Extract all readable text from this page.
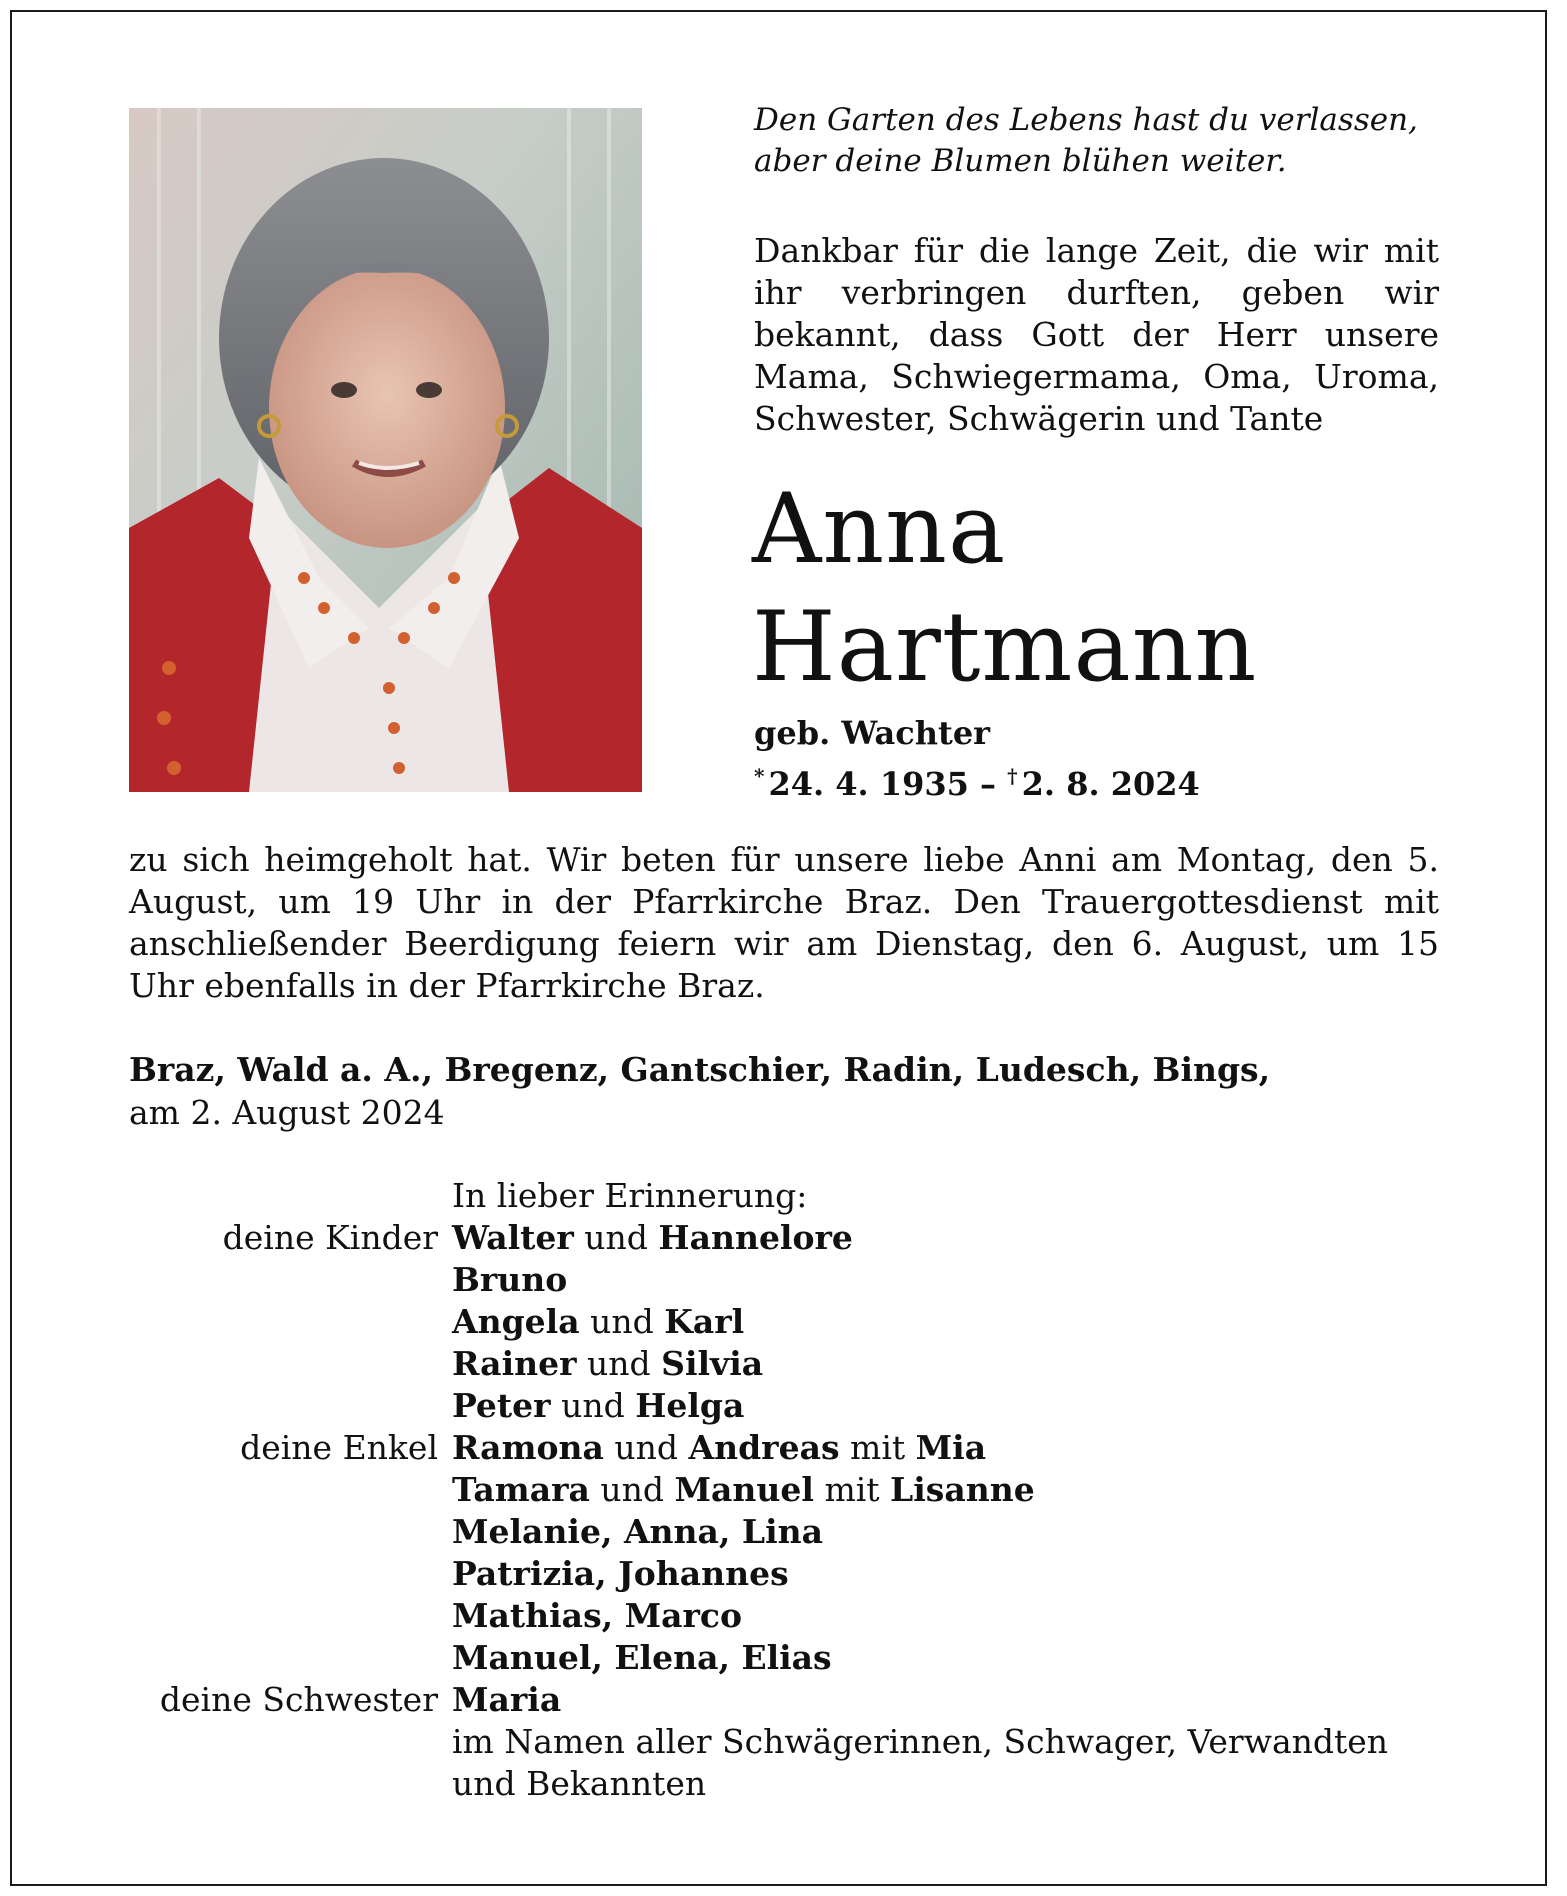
Den Garten des Lebens hast du verlassen,
aber deine Blumen blühen weiter.
Dankbar für die lange Zeit, die wir mit ihr verbringen durften, geben wir bekannt, dass Gott der Herr unsere Mama, Schwiegermama, Oma, Uroma, Schwester, Schwägerin und Tante
Anna
Hartmann
geb. Wachter
* 24. 4. 1935 – † 2. 8. 2024
zu sich heimgeholt hat. Wir beten für unsere liebe Anni am Montag, den 5. August, um 19 Uhr in der Pfarrkirche Braz. Den Trauergottesdienst mit anschließender Beerdigung feiern wir am Dienstag, den 6. August, um 15 Uhr ebenfalls in der Pfarrkirche Braz.
Braz, Wald a. A., Bregenz, Gantschier, Radin, Ludesch, Bings,
am 2. August 2024
In lieber Erinnerung:
deine Kinder Walter und Hannelore
Bruno
Angela und Karl
Rainer und Silvia
Peter und Helga
deine Enkel Ramona und Andreas mit Mia
Tamara und Manuel mit Lisanne
Melanie, Anna, Lina
Patrizia, Johannes
Mathias, Marco
Manuel, Elena, Elias
deine Schwester Maria
im Namen aller Schwägerinnen, Schwager, Verwandten
und Bekannten
